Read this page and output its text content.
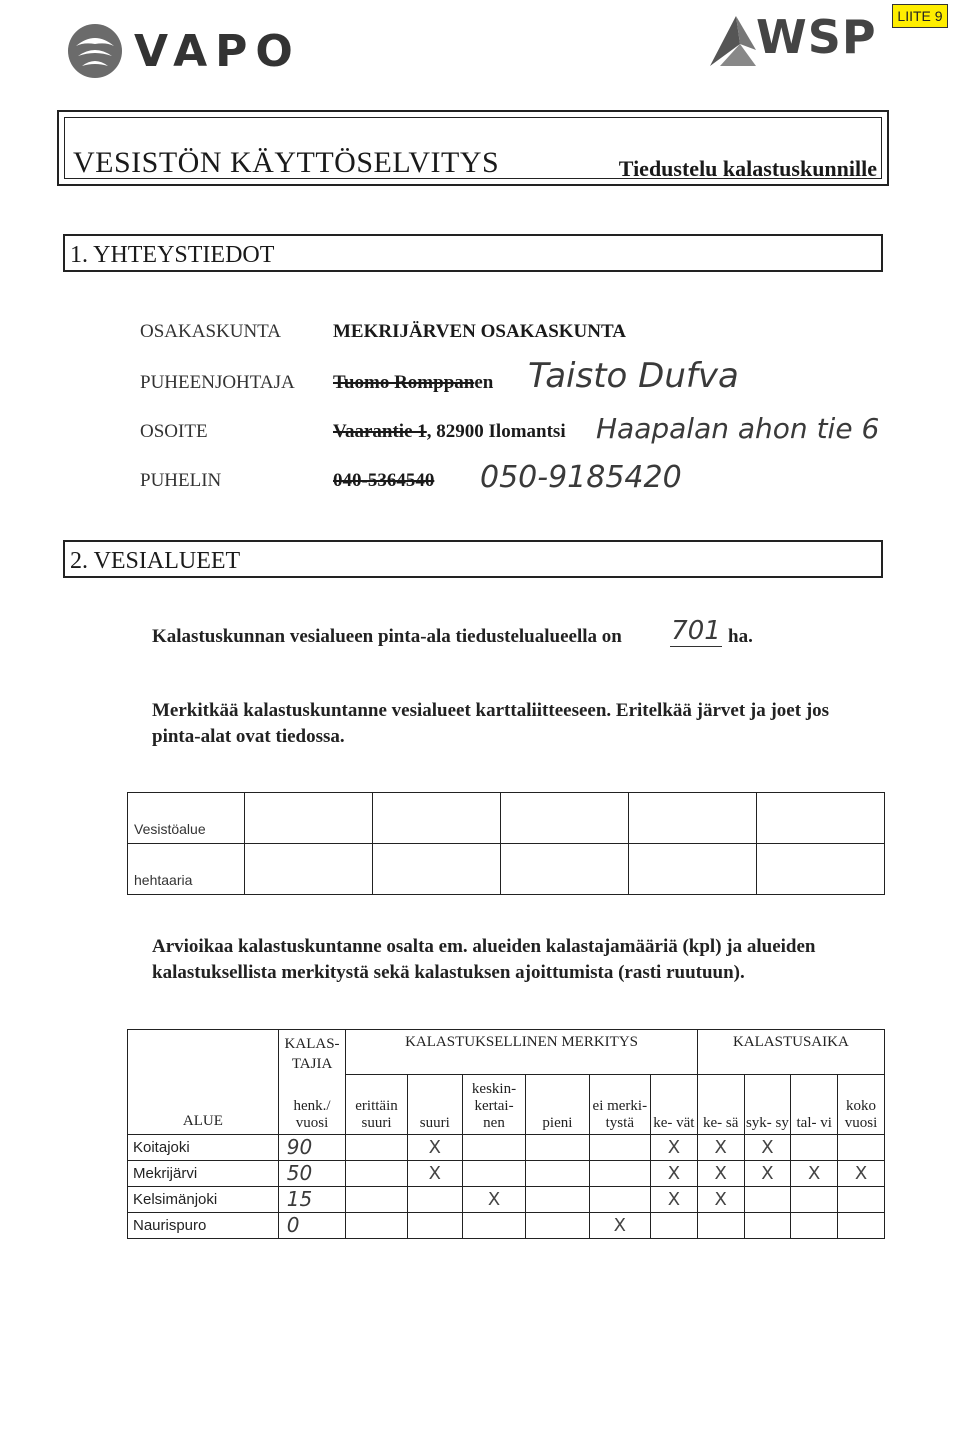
VAPO	WSP	LIITE 9
VESISTÖN KÄYTTÖSELVITYS	Tiedustelu kalastuskunnille
1. YHTEYSTIEDOT
OSAKASKUNTA	MEKRIJÄRVEN OSAKASKUNTA
PUHEENJOHTAJA Tuomo Romppanen Taisto Dufva
OSOITE	Vaarantie 1, 82900 Ilomantsi Haapalan ahon tie 6
PUHELIN	040-5364540 050-9185420
2. VESIALUEET
Kalastuskunnan vesialueen pinta-ala tiedustelualueella on	701 ha.
Merkitkää kalastuskuntanne vesialueet karttaliitteeseen. Eritelkää järvet ja joet jos pinta-alat ovat tiedossa.
Vesistöalue					
hehtaaria					
Arvioikaa kalastuskuntanne osalta em. alueiden kalastajamääriä (kpl) ja alueiden kalastuksellista merkitystä sekä kalastuksen ajoittumista (rasti ruutuun).
ALUE	KALAS- TAJIA	KALASTUKSELLINEN MERKITYS						KALASTUSAIKA			
	henk./ vuosi	erittäin suuri	suuri	keskin- kertai- nen	pieni	ei merki- tystä	ke- vät	ke- sä	syk- sy	tal- vi	koko vuosi
Koitajoki	90		X				X	X	X		
Mekrijärvi	50		X				X	X	X	X	X
Kelsimänjoki	15			X			X	X			
Naurispuro	0					X					
